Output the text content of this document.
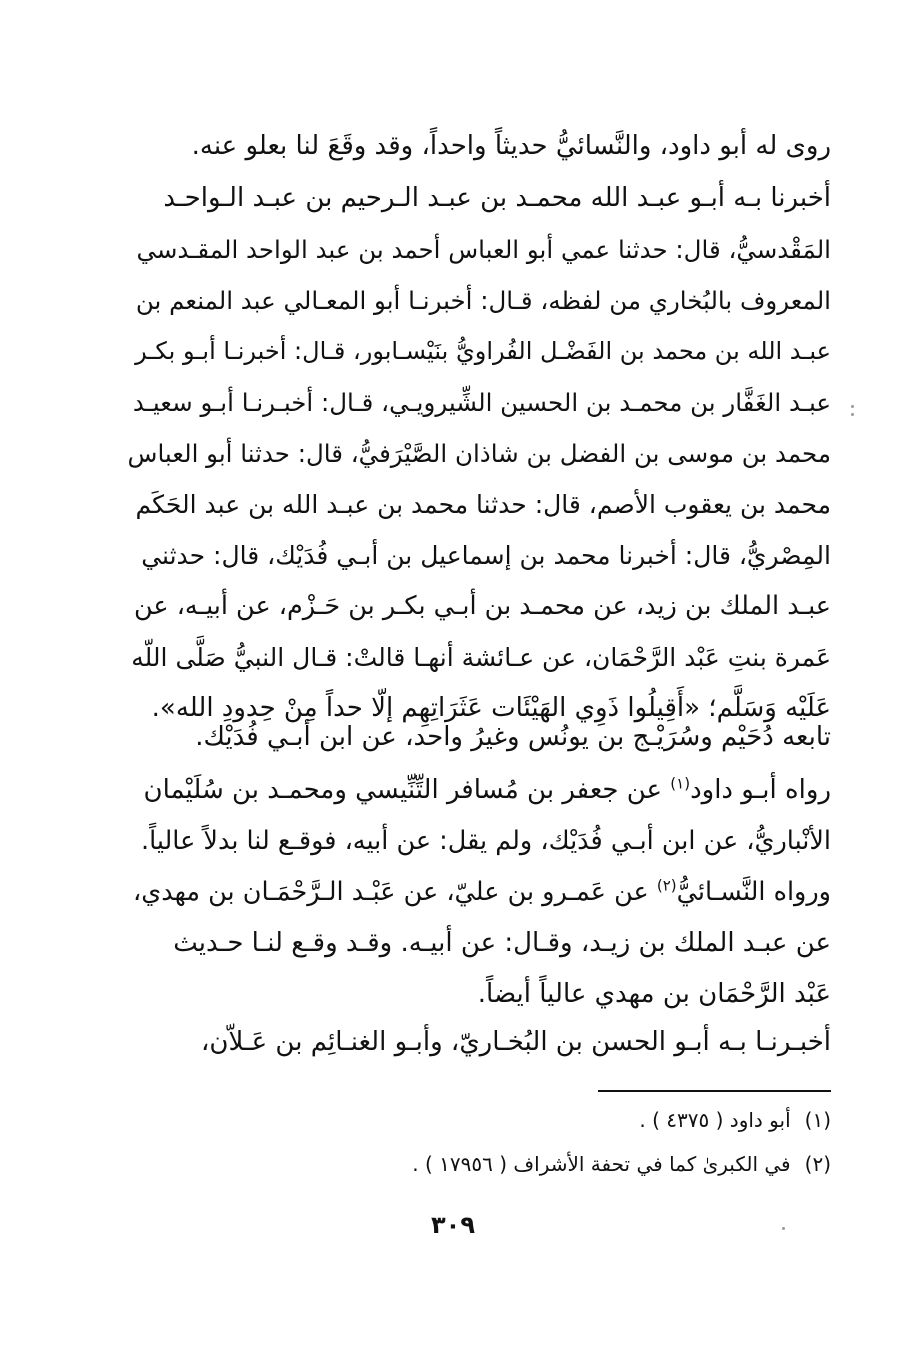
روى له أبو داود، والنَّسائيُّ حديثاً واحداً، وقد وقَعَ لنا بعلو عنه.
أخبرنا بـه أبـو عبـد الله محمـد بن عبـد الـرحيم بن عبـد الـواحـد
المَقْدسيُّ، قال: حدثنا عمي أبو العباس أحمد بن عبد الواحد المقـدسي
المعروف بالبُخاري من لفظه، قـال: أخبرنـا أبو المعـالي عبد المنعم بن
عبـد الله بن محمد بن الفَضْـل الفُراويُّ بنَيْسـابور، قـال: أخبرنـا أبـو بكـر
عبـد الغَفَّار بن محمـد بن الحسين الشِّيرويـي، قـال: أخبـرنـا أبـو سعيـد
محمد بن موسى بن الفضل بن شاذان الصَّيْرَفيُّ، قال: حدثنا أبو العباس
محمد بن يعقوب الأصم، قال: حدثنا محمد بن عبـد الله بن عبد الحَكَم
المِصْريُّ، قال: أخبرنا محمد بن إسماعيل بن أبـي فُدَيْك، قال: حدثني
عبـد الملك بن زيد، عن محمـد بن أبـي بكـر بن حَـزْم، عن أبيـه، عن
عَمرة بنتِ عَبْد الرَّحْمَان، عن عـائشة أنهـا قالتْ: قـال النبيُّ صَلَّى اللّه
عَلَيْه وَسَلَّم؛ «أَقِيلُوا ذَوِي الهَيْئَات عَثَرَاتِهِم إلّا حداً مِنْ حِدودِ الله».
تابعه دُحَيْم وسُرَيْـج بن يونُس وغيرُ واحد، عن ابن أبـي فُدَيْك.
رواه أبـو داود$^{(١)}$ عن جعفر بن مُسافر التِّنِّيسي ومحمـد بن سُلَيْمان
الأنْباريُّ، عن ابن أبـي فُدَيْك، ولم يقل: عن أبيه، فوقـع لنا بدلاً عالياً.
ورواه النَّسـائيُّ$^{(٢)}$ عن عَمـرو بن عليّ، عن عَبْـد الـرَّحْمَـان بن مهدي،
عن عبـد الملك بن زيـد، وقـال: عن أبيـه. وقـد وقـع لنـا حـديث
عَبْد الرَّحْمَان بن مهدي عالياً أيضاً.
أخبـرنـا بـه أبـو الحسن بن البُخـاريّ، وأبـو الغنـائِم بن عَـلاّن،
(١)أبو داود ( ٤٣٧٥ ) .
(٢)في الكبرىٰ كما في تحفة الأشراف ( ١٧٩٥٦ ) .
٣٠٩
